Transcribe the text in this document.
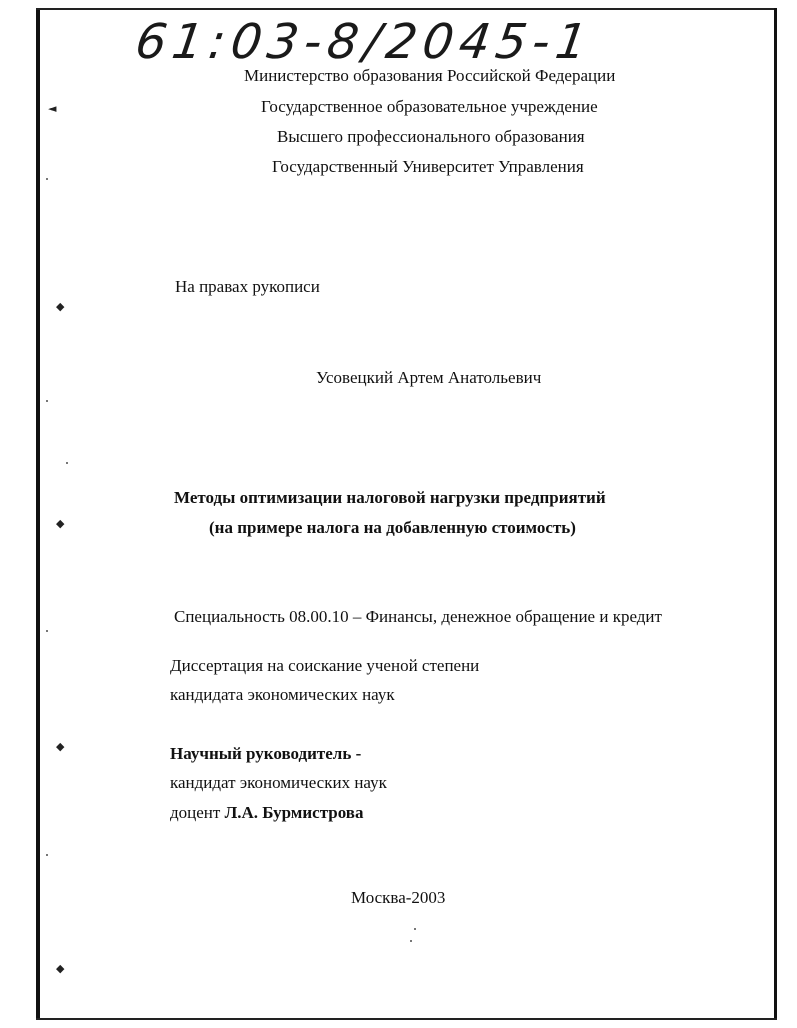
61:03-8/2045-1
◄
◆
◆
◆
◆
Министерство образования Российской Федерации
Государственное образовательное учреждение
Высшего профессионального образования
Государственный Университет Управления
На правах рукописи
Усовецкий Артем Анатольевич
Методы оптимизации налоговой нагрузки предприятий
(на примере налога на добавленную стоимость)
Специальность 08.00.10 – Финансы, денежное обращение и кредит
Диссертация на соискание ученой степени
кандидата экономических наук
Научный руководитель -
кандидат экономических наук
доцент Л.А. Бурмистрова
Москва-2003
